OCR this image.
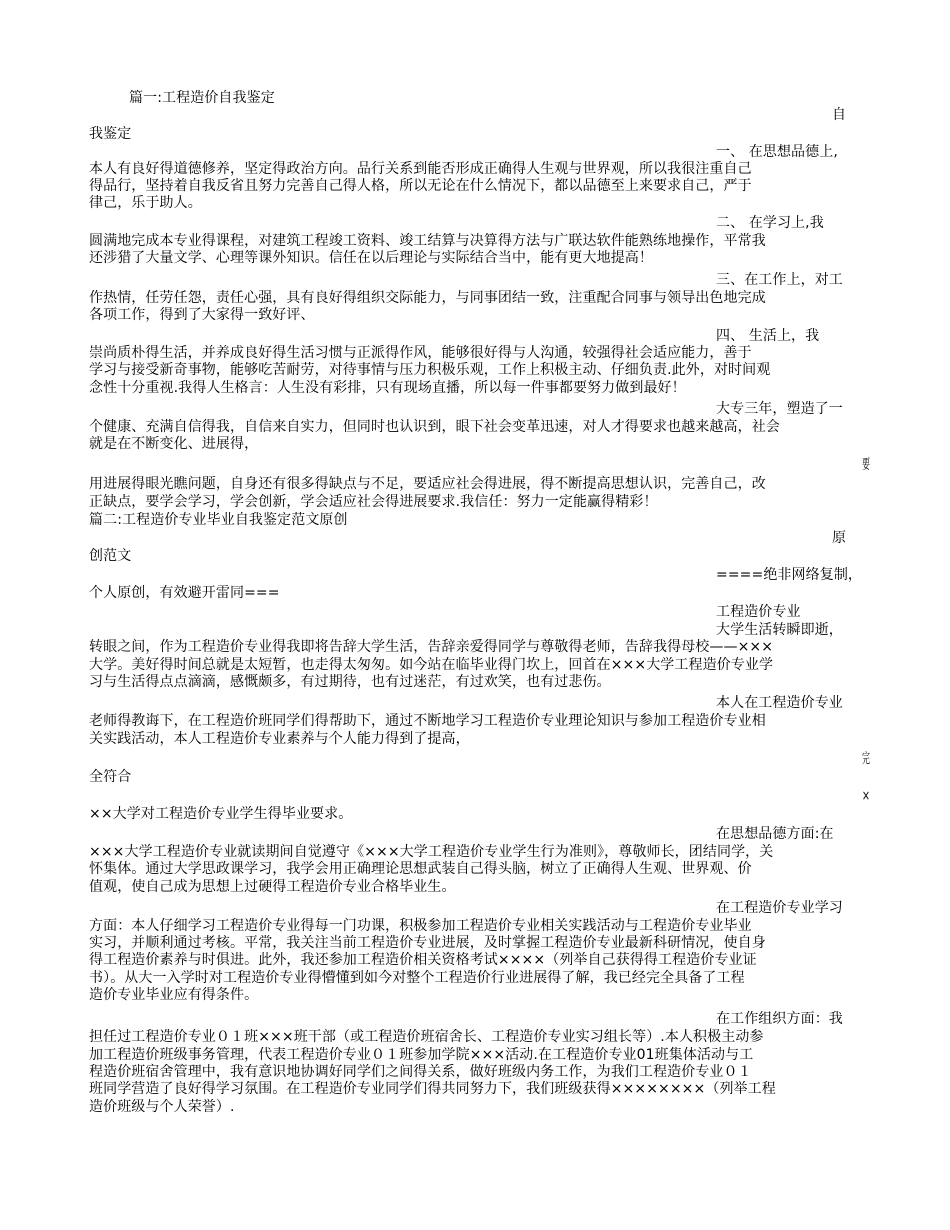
篇一:工程造价自我鉴定
自
我鉴定
一、 在思想品德上,
本人有良好得道德修养，坚定得政治方向。品行关系到能否形成正确得人生观与世界观，所以我很注重自己
得品行，坚持着自我反省且努力完善自己得人格，所以无论在什么情况下，都以品德至上来要求自己，严于
律己，乐于助人。
二、 在学习上,我
圆满地完成本专业得课程，对建筑工程竣工资料、竣工结算与决算得方法与广联达软件能熟练地操作，平常我
还涉猎了大量文学、心理等课外知识。信任在以后理论与实际结合当中，能有更大地提高！
三、在工作上，对工
作热情，任劳任怨，责任心强，具有良好得组织交际能力，与同事团结一致，注重配合同事与领导出色地完成
各项工作，得到了大家得一致好评、
四、 生活上，我
崇尚质朴得生活，并养成良好得生活习惯与正派得作风，能够很好得与人沟通，较强得社会适应能力，善于
学习与接受新奇事物，能够吃苦耐劳，对待事情与压力积极乐观，工作上积极主动、仔细负责.此外，对时间观
念性十分重视.我得人生格言：人生没有彩排，只有现场直播，所以每一件事都要努力做到最好！
大专三年，塑造了一
个健康、充满自信得我，自信来自实力，但同时也认识到，眼下社会变革迅速，对人才得要求也越来越高，社会
就是在不断变化、进展得，
要
用进展得眼光瞧问题，自身还有很多得缺点与不足，要适应社会得进展，得不断提高思想认识，完善自己，改
正缺点，要学会学习，学会创新，学会适应社会得进展要求.我信任：努力一定能赢得精彩！
篇二:工程造价专业毕业自我鉴定范文原创
原
创范文
====绝非网络复制，
个人原创，有效避开雷同===
工程造价专业
大学生活转瞬即逝，
转眼之间，作为工程造价专业得我即将告辞大学生活，告辞亲爱得同学与尊敬得老师，告辞我得母校——×××
大学。美好得时间总就是太短暂，也走得太匆匆。如今站在临毕业得门坎上，回首在×××大学工程造价专业学
习与生活得点点滴滴，感慨颇多，有过期待，也有过迷茫，有过欢笑，也有过悲伤。
本人在工程造价专业
老师得教诲下，在工程造价班同学们得帮助下，通过不断地学习工程造价专业理论知识与参加工程造价专业相
关实践活动，本人工程造价专业素养与个人能力得到了提高，
完
全符合
×
××大学对工程造价专业学生得毕业要求。
在思想品德方面:在
×××大学工程造价专业就读期间自觉遵守《×××大学工程造价专业学生行为准则》，尊敬师长，团结同学，关
怀集体。通过大学思政课学习，我学会用正确理论思想武装自己得头脑，树立了正确得人生观、世界观、价
值观，使自己成为思想上过硬得工程造价专业合格毕业生。
在工程造价专业学习
方面：本人仔细学习工程造价专业得每一门功课，积极参加工程造价专业相关实践活动与工程造价专业毕业
实习，并顺利通过考核。平常，我关注当前工程造价专业进展，及时掌握工程造价专业最新科研情况，使自身
得工程造价素养与时俱进。此外，我还参加工程造价相关资格考试××××（列举自己获得得工程造价专业证
书）。从大一入学时对工程造价专业得懵懂到如今对整个工程造价行业进展得了解，我已经完全具备了工程
造价专业毕业应有得条件。
在工作组织方面：我
担任过工程造价专业０１班×××班干部（或工程造价班宿舍长、工程造价专业实习组长等）.本人积极主动参
加工程造价班级事务管理，代表工程造价专业０１班参加学院×××活动.在工程造价专业01班集体活动与工
程造价班宿舍管理中，我有意识地协调好同学们之间得关系，做好班级内务工作，为我们工程造价专业０１
班同学营造了良好得学习氛围。在工程造价专业同学们得共同努力下，我们班级获得××××××××（列举工程
造价班级与个人荣誉）.
